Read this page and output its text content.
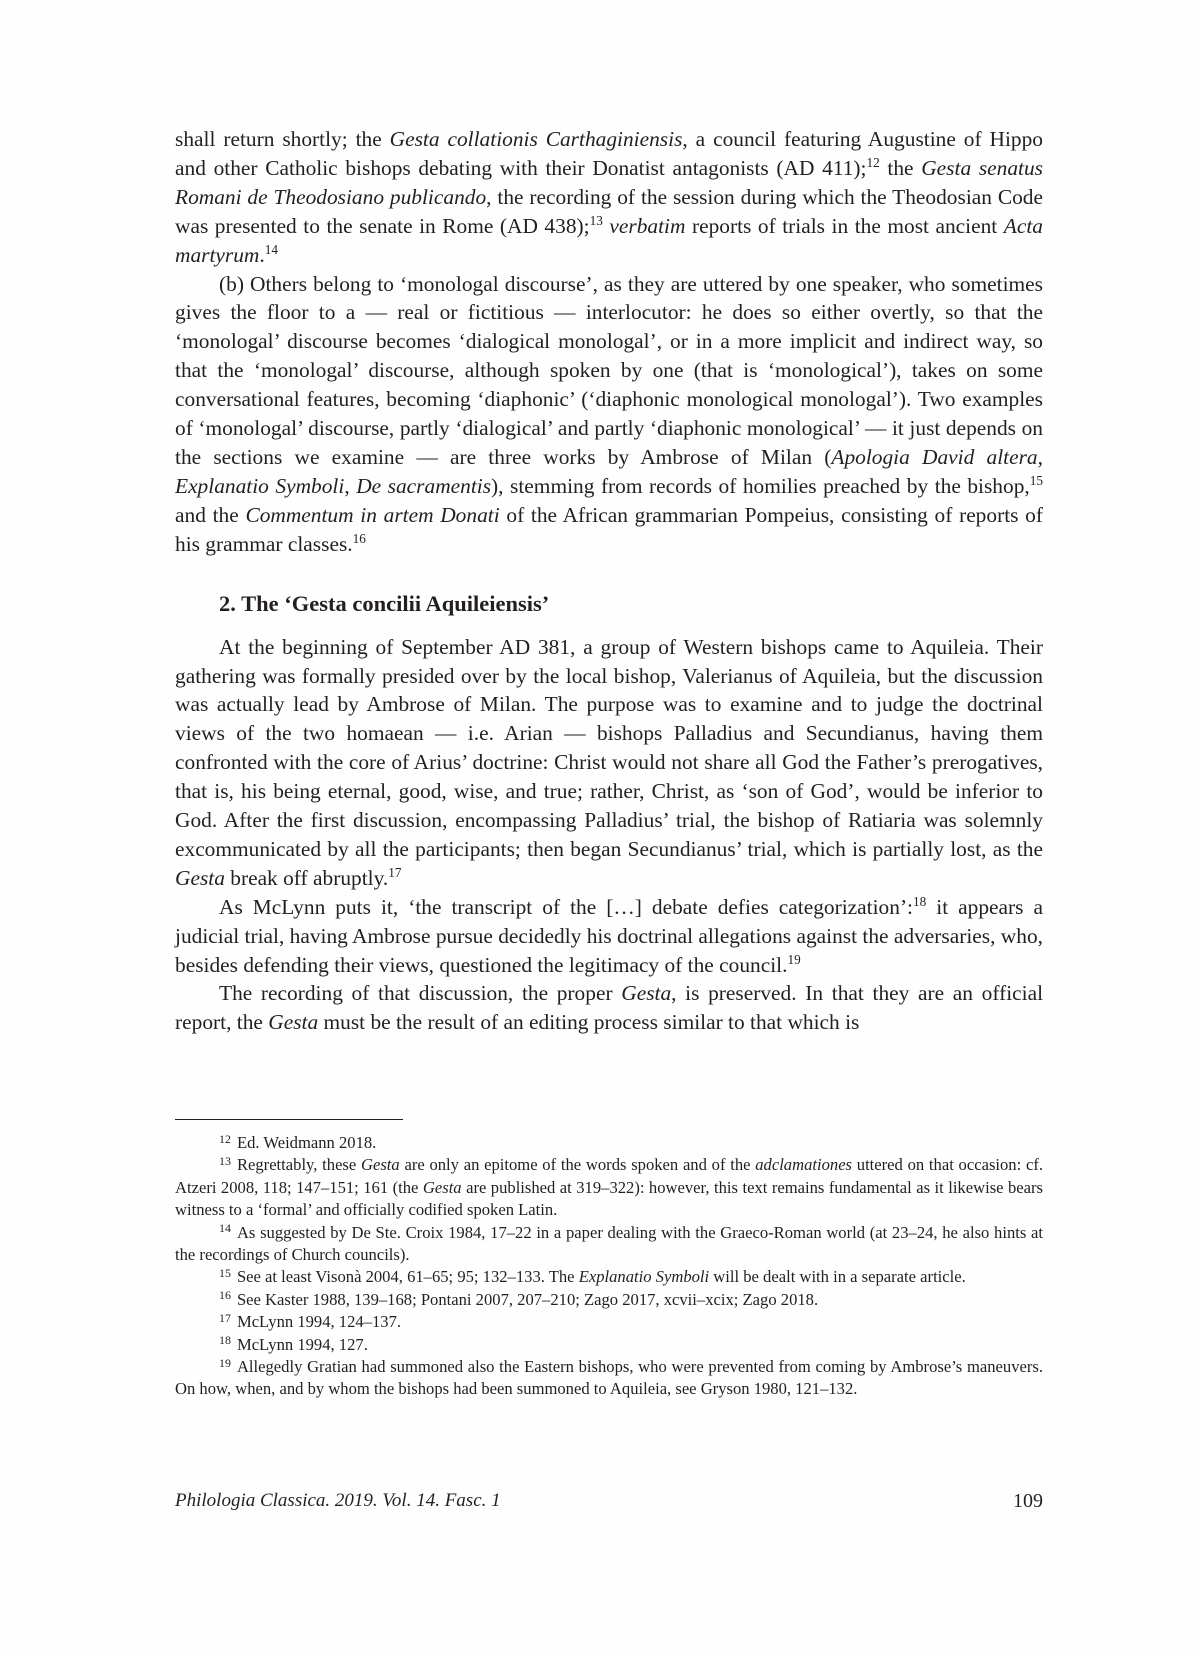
shall return shortly; the Gesta collationis Carthaginiensis, a council featuring Augustine of Hippo and other Catholic bishops debating with their Donatist antagonists (AD 411);$^{12}$ the Gesta senatus Romani de Theodosiano publicando, the recording of the session during which the Theodosian Code was presented to the senate in Rome (AD 438);$^{13}$ verbatim reports of trials in the most ancient Acta martyrum.$^{14}$

(b) Others belong to ‘monologal discourse’, as they are uttered by one speaker, who sometimes gives the floor to a — real or fictitious — interlocutor: he does so either overtly, so that the ‘monologal’ discourse becomes ‘dialogical monologal’, or in a more implicit and indirect way, so that the ‘monologal’ discourse, although spoken by one (that is ‘monological’), takes on some conversational features, becoming ‘diaphonic’ (‘diaphonic monological monologal’). Two examples of ‘monologal’ discourse, partly ‘dialogical’ and partly ‘diaphonic monological’ — it just depends on the sections we examine — are three works by Ambrose of Milan (Apologia David altera, Explanatio Symboli, De sacramentis), stemming from records of homilies preached by the bishop,$^{15}$ and the Commentum in artem Donati of the African grammarian Pompeius, consisting of reports of his grammar classes.$^{16}$

2. The ‘Gesta concilii Aquileiensis’

At the beginning of September AD 381, a group of Western bishops came to Aquileia. Their gathering was formally presided over by the local bishop, Valerianus of Aquileia, but the discussion was actually lead by Ambrose of Milan. The purpose was to examine and to judge the doctrinal views of the two homaean — i.e. Arian — bishops Palladius and Secundianus, having them confronted with the core of Arius’ doctrine: Christ would not share all God the Father’s prerogatives, that is, his being eternal, good, wise, and true; rather, Christ, as ‘son of God’, would be inferior to God. After the first discussion, encompassing Palladius’ trial, the bishop of Ratiaria was solemnly excommunicated by all the participants; then began Secundianus’ trial, which is partially lost, as the Gesta break off abruptly.$^{17}$

As McLynn puts it, ‘the transcript of the […] debate defies categorization’:$^{18}$ it appears a judicial trial, having Ambrose pursue decidedly his doctrinal allegations against the adversaries, who, besides defending their views, questioned the legitimacy of the council.$^{19}$

The recording of that discussion, the proper Gesta, is preserved. In that they are an official report, the Gesta must be the result of an editing process similar to that which is

$^{12}$ Ed. Weidmann 2018.

$^{13}$ Regrettably, these Gesta are only an epitome of the words spoken and of the adclamationes uttered on that occasion: cf. Atzeri 2008, 118; 147–151; 161 (the Gesta are published at 319–322): however, this text remains fundamental as it likewise bears witness to a ‘formal’ and officially codified spoken Latin.

$^{14}$ As suggested by De Ste. Croix 1984, 17–22 in a paper dealing with the Graeco-Roman world (at 23–24, he also hints at the recordings of Church councils).

$^{15}$ See at least Visonà 2004, 61–65; 95; 132–133. The Explanatio Symboli will be dealt with in a separate article.

$^{16}$ See Kaster 1988, 139–168; Pontani 2007, 207–210; Zago 2017, xcvii–xcix; Zago 2018.

$^{17}$ McLynn 1994, 124–137.

$^{18}$ McLynn 1994, 127.

$^{19}$ Allegedly Gratian had summoned also the Eastern bishops, who were prevented from coming by Ambrose’s maneuvers. On how, when, and by whom the bishops had been summoned to Aquileia, see Gryson 1980, 121–132.

Philologia Classica. 2019. Vol. 14. Fasc. 1	109
